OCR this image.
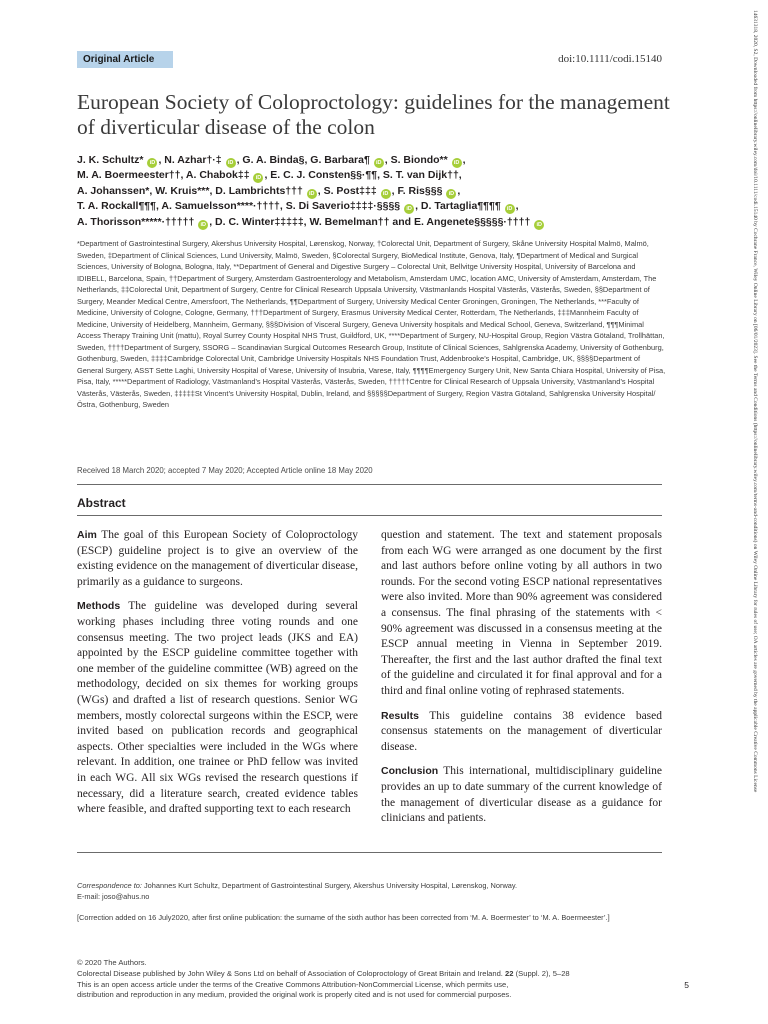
14631318, 2020, S2, Downloaded from https://onlinelibrary.wiley.com/doi/10.1111/codi.15140 by Cochrane France, Wiley Online Library on [06/01/2023]. See the Terms and Conditions (https://onlinelibrary.wiley.com/terms-and-conditions) on Wiley Online Library for rules of use; OA articles are governed by the applicable Creative Commons License
Original Article	doi:10.1111/codi.15140
European Society of Coloproctology: guidelines for the management of diverticular disease of the colon
J. K. Schultz* iD , N. Azhar†·‡ iD , G. A. Binda§, G. Barbara¶ iD , S. Biondo** iD ,
M. A. Boermeester††, A. Chabok‡‡ iD , E. C. J. Consten§§·¶¶, S. T. van Dijk††,
A. Johanssen*, W. Kruis***, D. Lambrichts††† iD , S. Post‡‡‡ iD , F. Ris§§§ iD ,
T. A. Rockall¶¶¶, A. Samuelsson****·††††, S. Di Saverio‡‡‡‡·§§§§ iD , D. Tartaglia¶¶¶¶ iD ,
A. Thorisson*****·††††† iD , D. C. Winter‡‡‡‡‡, W. Bemelman†† and E. Angenete§§§§§·†††† iD
*Department of Gastrointestinal Surgery, Akershus University Hospital, Lørenskog, Norway, †Colorectal Unit, Department of Surgery, Skåne University Hospital Malmö, Malmö, Sweden, ‡Department of Clinical Sciences, Lund University, Malmö, Sweden, §Colorectal Surgery, BioMedical Institute, Genova, Italy, ¶Department of Medical and Surgical Sciences, University of Bologna, Bologna, Italy, **Department of General and Digestive Surgery – Colorectal Unit, Bellvitge University Hospital, University of Barcelona and IDIBELL, Barcelona, Spain, ††Department of Surgery, Amsterdam Gastroenterology and Metabolism, Amsterdam UMC, location AMC, University of Amsterdam, Amsterdam, The Netherlands, ‡‡Colorectal Unit, Department of Surgery, Centre for Clinical Research Uppsala University, Västmanlands Hospital Västerås, Västerås, Sweden, §§Department of Surgery, Meander Medical Centre, Amersfoort, The Netherlands, ¶¶Department of Surgery, University Medical Center Groningen, Groningen, The Netherlands, ***Faculty of Medicine, University of Cologne, Cologne, Germany, †††Department of Surgery, Erasmus University Medical Center, Rotterdam, The Netherlands, ‡‡‡Mannheim Faculty of Medicine, University of Heidelberg, Mannheim, Germany, §§§Division of Visceral Surgery, Geneva University hospitals and Medical School, Geneva, Switzerland, ¶¶¶Minimal Access Therapy Training Unit (mattu), Royal Surrey County Hospital NHS Trust, Guildford, UK, ****Department of Surgery, NU-Hospital Group, Region Västra Götaland, Trollhättan, Sweden, ††††Department of Surgery, SSORG – Scandinavian Surgical Outcomes Research Group, Institute of Clinical Sciences, Sahlgrenska Academy, University of Gothenburg, Gothenburg, Sweden, ‡‡‡‡Cambridge Colorectal Unit, Cambridge University Hospitals NHS Foundation Trust, Addenbrooke’s Hospital, Cambridge, UK, §§§§Department of General Surgery, ASST Sette Laghi, University Hospital of Varese, University of Insubria, Varese, Italy, ¶¶¶¶Emergency Surgery Unit, New Santa Chiara Hospital, University of Pisa, Pisa, Italy, *****Department of Radiology, Västmanland’s Hospital Västerås, Västerås, Sweden, †††††Centre for Clinical Research of Uppsala University, Västmanland’s Hospital Västerås, Västerås, Sweden, ‡‡‡‡‡St Vincent’s University Hospital, Dublin, Ireland, and §§§§§Department of Surgery, Region Västra Götaland, Sahlgrenska University Hospital/Östra, Gothenburg, Sweden
Received 18 March 2020; accepted 7 May 2020; Accepted Article online 18 May 2020
Abstract

Aim The goal of this European Society of Coloproctology (ESCP) guideline project is to give an overview of the existing evidence on the management of diverticular disease, primarily as a guidance to surgeons.

Methods The guideline was developed during several working phases including three voting rounds and one consensus meeting. The two project leads (JKS and EA) appointed by the ESCP guideline committee together with one member of the guideline committee (WB) agreed on the methodology, decided on six themes for working groups (WGs) and drafted a list of research questions. Senior WG members, mostly colorectal surgeons within the ESCP, were invited based on publication records and geographical aspects. Other specialties were included in the WGs where relevant. In addition, one trainee or PhD fellow was invited in each WG. All six WGs revised the research questions if necessary, did a literature search, created evidence tables where feasible, and drafted supporting text to each research

question and statement. The text and statement proposals from each WG were arranged as one document by the first and last authors before online voting by all authors in two rounds. For the second voting ESCP national representatives were also invited. More than 90% agreement was considered a consensus. The final phrasing of the statements with < 90% agreement was discussed in a consensus meeting at the ESCP annual meeting in Vienna in September 2019. Thereafter, the first and the last author drafted the final text of the guideline and circulated it for final approval and for a third and final online voting of rephrased statements.

Results This guideline contains 38 evidence based consensus statements on the management of diverticular disease.

Conclusion This international, multidisciplinary guideline provides an up to date summary of the current knowledge of the management of diverticular disease as a guidance for clinicians and patients.

Correspondence to: Johannes Kurt Schultz, Department of Gastrointestinal Surgery, Akershus University Hospital, Lørenskog, Norway.
E-mail: joso@ahus.no
[Correction added on 16 July2020, after first online publication: the surname of the sixth author has been corrected from ‘M. A. Boermester’ to ‘M. A. Boermeester’.]
© 2020 The Authors.
Colorectal Disease published by John Wiley & Sons Ltd on behalf of Association of Coloproctology of Great Britain and Ireland. 22 (Suppl. 2), 5–28
This is an open access article under the terms of the Creative Commons Attribution-NonCommercial License, which permits use,
distribution and reproduction in any medium, provided the original work is properly cited and is not used for commercial purposes.
5
